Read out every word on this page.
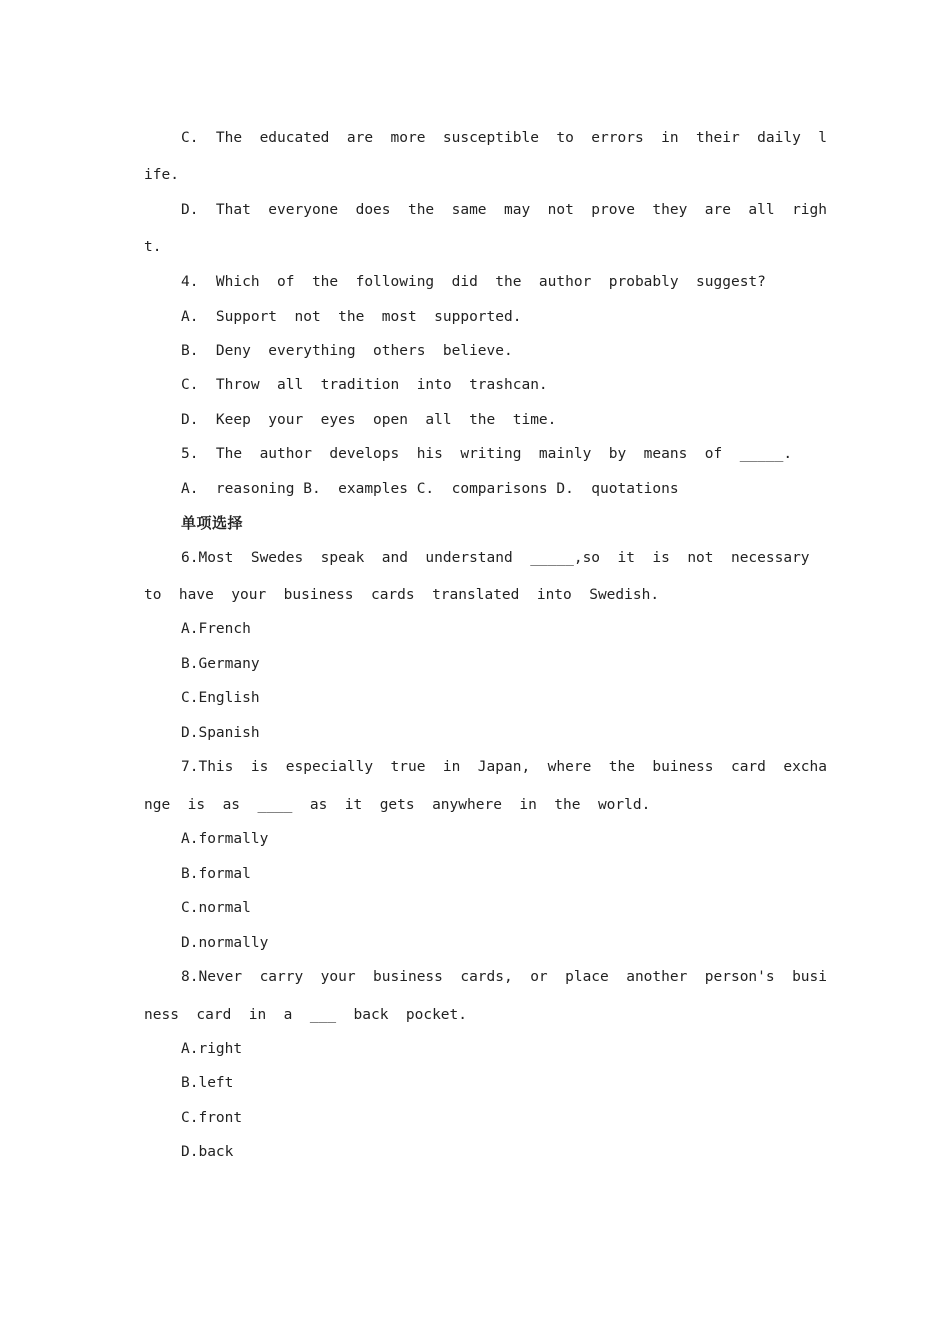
C.  The  educated  are  more  susceptible  to  errors  in  their  daily  l
ife.
D.  That  everyone  does  the  same  may  not  prove  they  are  all  righ
t.
4.  Which  of  the  following  did  the  author  probably  suggest?
A.  Support  not  the  most  supported.
B.  Deny  everything  others  believe.
C.  Throw  all  tradition  into  trashcan.
D.  Keep  your  eyes  open  all  the  time.
5.  The  author  develops  his  writing  mainly  by  means  of  _____.
A.  reasoning B.  examples C.  comparisons D.  quotations
单项选择
6.Most  Swedes  speak  and  understand  _____,so  it  is  not  necessary
to  have  your  business  cards  translated  into  Swedish.
A.French
B.Germany
C.English
D.Spanish
7.This  is  especially  true  in  Japan,  where  the  buiness  card  excha
nge  is  as  ____  as  it  gets  anywhere  in  the  world.
A.formally
B.formal
C.normal
D.normally
8.Never  carry  your  business  cards,  or  place  another  person's  busi
ness  card  in  a  ___  back  pocket.
A.right
B.left
C.front
D.back
